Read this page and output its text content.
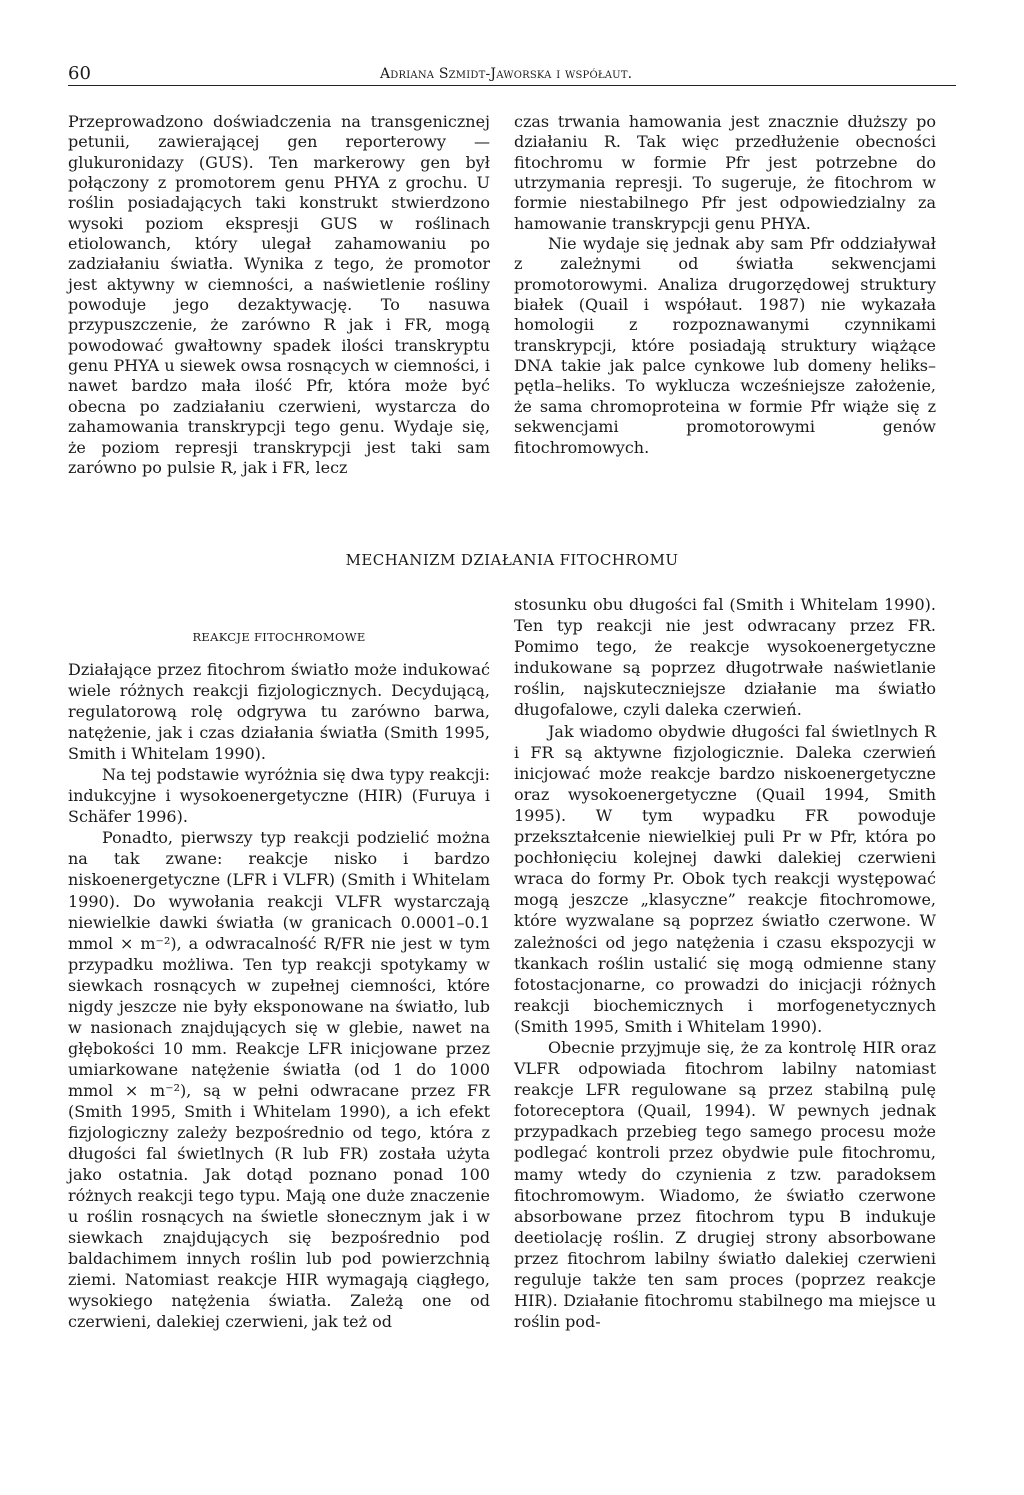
60	Adriana Szmidt-Jaworska i współaut.

Przeprowadzono doświadczenia na transgenicznej petunii, zawierającej gen reporterowy — glukuronidazy (GUS). Ten markerowy gen był połączony z promotorem genu PHYA z grochu. U roślin posiadających taki konstrukt stwierdzono wysoki poziom ekspresji GUS w roślinach etiolowanch, który ulegał zahamowaniu po zadziałaniu światła. Wynika z tego, że promotor jest aktywny w ciemności, a naświetlenie rośliny powoduje jego dezaktywację. To nasuwa przypuszczenie, że zarówno R jak i FR, mogą powodować gwałtowny spadek ilości transkryptu genu PHYA u siewek owsa rosnących w ciemności, i nawet bardzo mała ilość Pfr, która może być obecna po zadziałaniu czerwieni, wystarcza do zahamowania transkrypcji tego genu. Wydaje się, że poziom represji transkrypcji jest taki sam zarówno po pulsie R, jak i FR, lecz

czas trwania hamowania jest znacznie dłuższy po działaniu R. Tak więc przedłużenie obecności fitochromu w formie Pfr jest potrzebne do utrzymania represji. To sugeruje, że fitochrom w formie niestabilnego Pfr jest odpowiedzialny za hamowanie transkrypcji genu PHYA.

Nie wydaje się jednak aby sam Pfr oddziaływał z zależnymi od światła sekwencjami promotorowymi. Analiza drugorzędowej struktury białek (Quail i współaut. 1987) nie wykazała homologii z rozpoznawanymi czynnikami transkrypcji, które posiadają struktury wiążące DNA takie jak palce cynkowe lub domeny heliks–pętla–heliks. To wyklucza wcześniejsze założenie, że sama chromoproteina w formie Pfr wiąże się z sekwencjami promotorowymi genów fitochromowych.

MECHANIZM DZIAŁANIA FITOCHROMU
REAKCJE FITOCHROMOWE

Działające przez fitochrom światło może indukować wiele różnych reakcji fizjologicznych. Decydującą, regulatorową rolę odgrywa tu zarówno barwa, natężenie, jak i czas działania światła (Smith 1995, Smith i Whitelam 1990).

Na tej podstawie wyróżnia się dwa typy reakcji: indukcyjne i wysokoenergetyczne (HIR) (Furuya i Schäfer 1996).

Ponadto, pierwszy typ reakcji podzielić można na tak zwane: reakcje nisko i bardzo niskoenergetyczne (LFR i VLFR) (Smith i Whitelam 1990). Do wywołania reakcji VLFR wystarczają niewielkie dawki światła (w granicach 0.0001–0.1 mmol × m⁻²), a odwracalność R/FR nie jest w tym przypadku możliwa. Ten typ reakcji spotykamy w siewkach rosnących w zupełnej ciemności, które nigdy jeszcze nie były eksponowane na światło, lub w nasionach znajdujących się w glebie, nawet na głębokości 10 mm. Reakcje LFR inicjowane przez umiarkowane natężenie światła (od 1 do 1000 mmol × m⁻²), są w pełni odwracane przez FR (Smith 1995, Smith i Whitelam 1990), a ich efekt fizjologiczny zależy bezpośrednio od tego, która z długości fal świetlnych (R lub FR) została użyta jako ostatnia. Jak dotąd poznano ponad 100 różnych reakcji tego typu. Mają one duże znaczenie u roślin rosnących na świetle słonecznym jak i w siewkach znajdujących się bezpośrednio pod baldachimem innych roślin lub pod powierzchnią ziemi. Natomiast reakcje HIR wymagają ciągłego, wysokiego natężenia światła. Zależą one od czerwieni, dalekiej czerwieni, jak też od

stosunku obu długości fal (Smith i Whitelam 1990). Ten typ reakcji nie jest odwracany przez FR. Pomimo tego, że reakcje wysokoenergetyczne indukowane są poprzez długotrwałe naświetlanie roślin, najskuteczniejsze działanie ma światło długofalowe, czyli daleka czerwień.

Jak wiadomo obydwie długości fal świetlnych R i FR są aktywne fizjologicznie. Daleka czerwień inicjować może reakcje bardzo niskoenergetyczne oraz wysokoenergetyczne (Quail 1994, Smith 1995). W tym wypadku FR powoduje przekształcenie niewielkiej puli Pr w Pfr, która po pochłonięciu kolejnej dawki dalekiej czerwieni wraca do formy Pr. Obok tych reakcji występować mogą jeszcze „klasyczne” reakcje fitochromowe, które wyzwalane są poprzez światło czerwone. W zależności od jego natężenia i czasu ekspozycji w tkankach roślin ustalić się mogą odmienne stany fotostacjonarne, co prowadzi do inicjacji różnych reakcji biochemicznych i morfogenetycznych (Smith 1995, Smith i Whitelam 1990).

Obecnie przyjmuje się, że za kontrolę HIR oraz VLFR odpowiada fitochrom labilny natomiast reakcje LFR regulowane są przez stabilną pulę fotoreceptora (Quail, 1994). W pewnych jednak przypadkach przebieg tego samego procesu może podlegać kontroli przez obydwie pule fitochromu, mamy wtedy do czynienia z tzw. paradoksem fitochromowym. Wiadomo, że światło czerwone absorbowane przez fitochrom typu B indukuje deetiolację roślin. Z drugiej strony absorbowane przez fitochrom labilny światło dalekiej czerwieni reguluje także ten sam proces (poprzez reakcje HIR). Działanie fitochromu stabilnego ma miejsce u roślin pod-
